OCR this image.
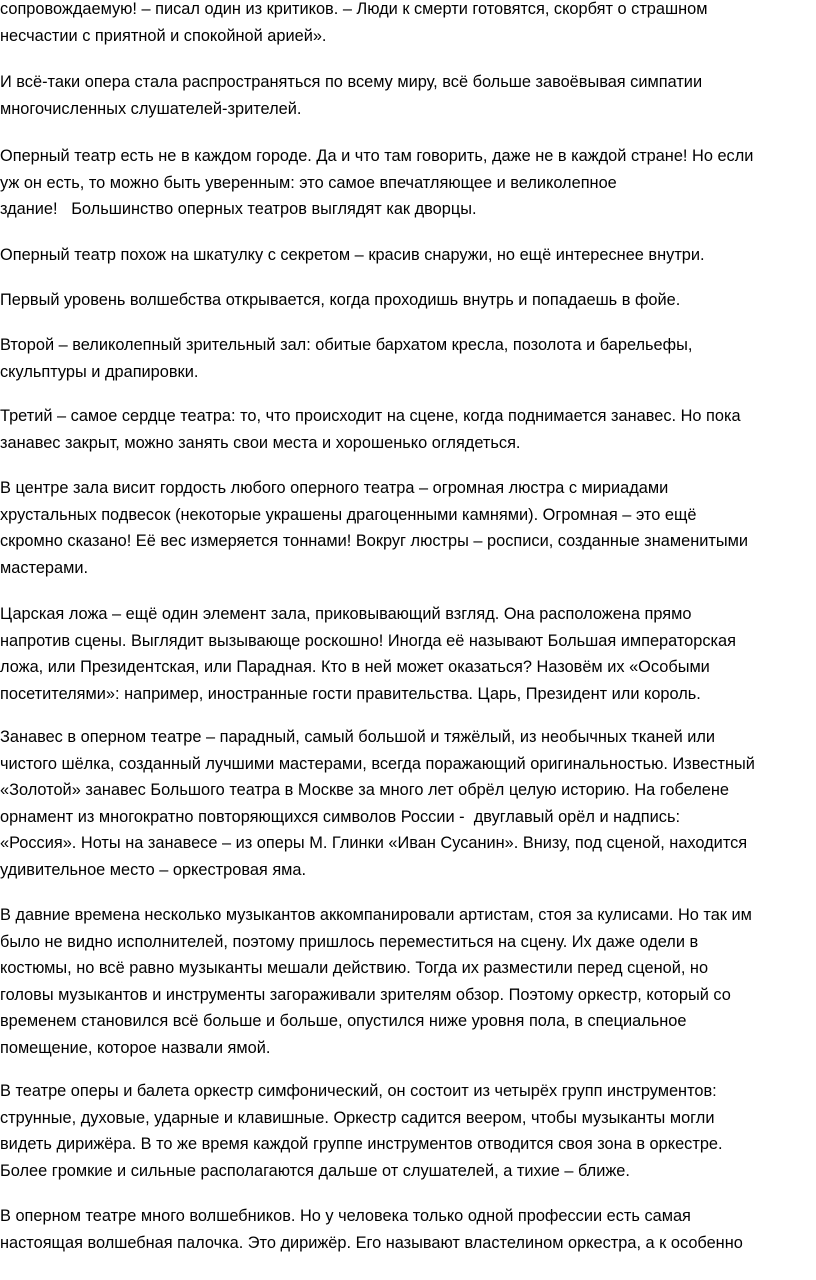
сопровождаемую! – писал один из критиков. – Люди к смерти готовятся, скорбят о страшном
несчастии с приятной и спокойной арией».
И всё-таки опера стала распространяться по всему миру, всё больше завоёвывая симпатии
многочисленных слушателей-зрителей.
Оперный театр есть не в каждом городе. Да и что там говорить, даже не в каждой стране! Но если
уж он есть, то можно быть уверенным: это самое впечатляющее и великолепное
здание!   Большинство оперных театров выглядят как дворцы.
Оперный театр похож на шкатулку с секретом – красив снаружи, но ещё интереснее внутри.
Первый уровень волшебства открывается, когда проходишь внутрь и попадаешь в фойе.
Второй – великолепный зрительный зал: обитые бархатом кресла, позолота и барельефы,
скульптуры и драпировки.
Третий – самое сердце театра: то, что происходит на сцене, когда поднимается занавес. Но пока
занавес закрыт, можно занять свои места и хорошенько оглядеться.
В центре зала висит гордость любого оперного театра – огромная люстра с мириадами
хрустальных подвесок (некоторые украшены драгоценными камнями). Огромная – это ещё
скромно сказано! Её вес измеряется тоннами! Вокруг люстры – росписи, созданные знаменитыми
мастерами.
Царская ложа – ещё один элемент зала, приковывающий взгляд. Она расположена прямо
напротив сцены. Выглядит вызывающе роскошно! Иногда её называют Большая императорская
ложа, или Президентская, или Парадная. Кто в ней может оказаться? Назовём их «Особыми
посетителями»: например, иностранные гости правительства. Царь, Президент или король.
Занавес в оперном театре – парадный, самый большой и тяжёлый, из необычных тканей или
чистого шёлка, созданный лучшими мастерами, всегда поражающий оригинальностью. Известный
«Золотой» занавес Большого театра в Москве за много лет обрёл целую историю. На гобелене
орнамент из многократно повторяющихся символов России -  двуглавый орёл и надпись:
«Россия». Ноты на занавесе – из оперы М. Глинки «Иван Сусанин». Внизу, под сценой, находится
удивительное место – оркестровая яма.
В давние времена несколько музыкантов аккомпанировали артистам, стоя за кулисами. Но так им
было не видно исполнителей, поэтому пришлось переместиться на сцену. Их даже одели в
костюмы, но всё равно музыканты мешали действию. Тогда их разместили перед сценой, но
головы музыкантов и инструменты загораживали зрителям обзор. Поэтому оркестр, который со
временем становился всё больше и больше, опустился ниже уровня пола, в специальное
помещение, которое назвали ямой.
В театре оперы и балета оркестр симфонический, он состоит из четырёх групп инструментов:
струнные, духовые, ударные и клавишные. Оркестр садится веером, чтобы музыканты могли
видеть дирижёра. В то же время каждой группе инструментов отводится своя зона в оркестре.
Более громкие и сильные располагаются дальше от слушателей, а тихие – ближе.
В оперном театре много волшебников. Но у человека только одной профессии есть самая
настоящая волшебная палочка. Это дирижёр. Его называют властелином оркестра, а к особенно
